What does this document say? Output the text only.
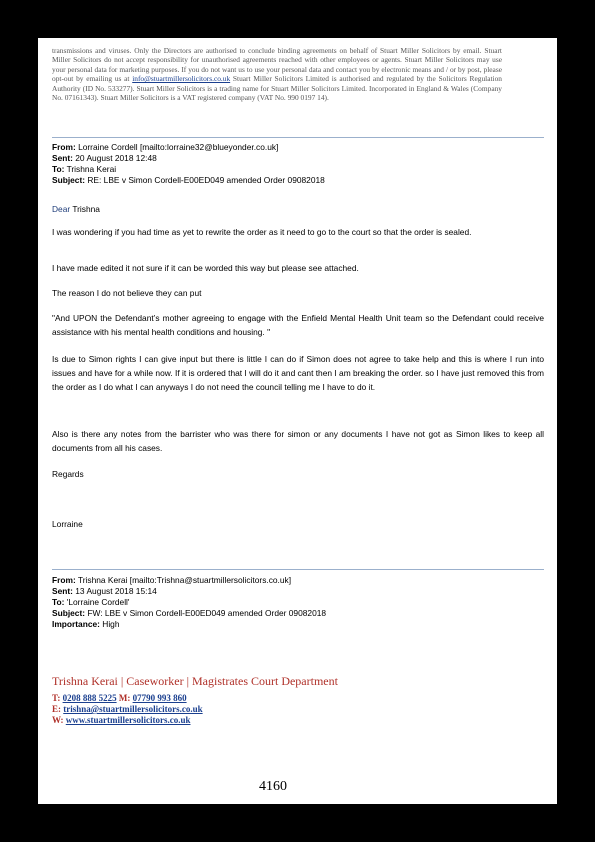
transmissions and viruses. Only the Directors are authorised to conclude binding agreements on behalf of Stuart Miller Solicitors by email. Stuart Miller Solicitors do not accept responsibility for unauthorised agreements reached with other employees or agents. Stuart Miller Solicitors may use your personal data for marketing purposes. If you do not want us to use your personal data and contact you by electronic means and / or by post, please opt-out by emailing us at info@stuartmillersolicitors.co.uk Stuart Miller Solicitors Limited is authorised and regulated by the Solicitors Regulation Authority (ID No. 533277). Stuart Miller Solicitors is a trading name for Stuart Miller Solicitors Limited. Incorporated in England & Wales (Company No. 07161343). Stuart Miller Solicitors is a VAT registered company (VAT No. 990 0197 14).
From: Lorraine Cordell [mailto:lorraine32@blueyonder.co.uk]
Sent: 20 August 2018 12:48
To: Trishna Kerai
Subject: RE: LBE v Simon Cordell-E00ED049 amended Order 09082018

Dear Trishna

I was wondering if you had time as yet to rewrite the order as it need to go to the court so that the order is sealed.

I have made edited it not sure if it can be worded this way but please see attached.

The reason I do not believe they can put

"And UPON the Defendant’s mother agreeing to engage with the Enfield Mental Health Unit team so the Defendant could receive assistance with his mental health conditions and housing. "

Is due to Simon rights I can give input but there is little I can do if Simon does not agree to take help and this is where I run into issues and have for a while now. If it is ordered that I will do it and cant then I am breaking the order. so I have just removed this from the order as I do what I can anyways I do not need the council telling me I have to do it.

Also is there any notes from the barrister who was there for simon or any documents I have not got as Simon likes to keep all documents from all his cases.

Regards

Lorraine

From: Trishna Kerai [mailto:Trishna@stuartmillersolicitors.co.uk]
Sent: 13 August 2018 15:14
To: 'Lorraine Cordell'
Subject: FW: LBE v Simon Cordell-E00ED049 amended Order 09082018
Importance: High
Trishna Kerai | Caseworker | Magistrates Court Department
T: 0208 888 5225 M: 07790 993 860
E: trishna@stuartmillersolicitors.co.uk
W: www.stuartmillersolicitors.co.uk
4160
